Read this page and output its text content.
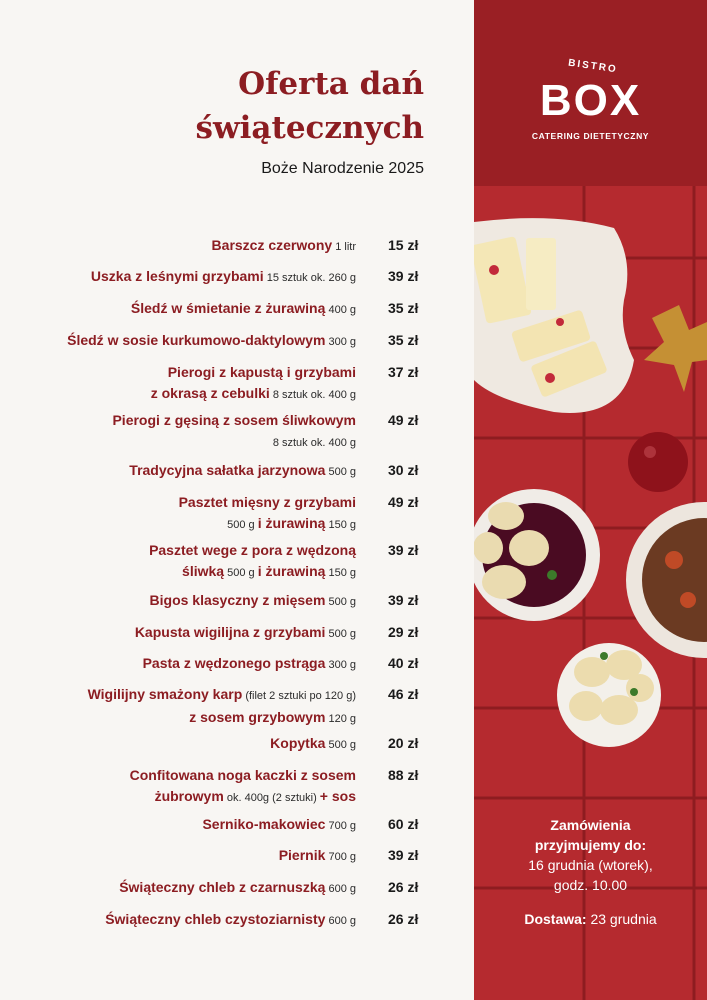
Oferta dań
świątecznych
Boże Narodzenie 2025
Barszcz czerwony 1 litr 15 zł
Uszka z leśnymi grzybami 15 sztuk ok. 260 g 39 zł
Śledź w śmietanie z żurawiną 400 g 35 zł
Śledź w sosie kurkumowo-daktylowym 300 g 35 zł
Pierogi z kapustą i grzybami
z okrasą z cebulki 8 sztuk ok. 400 g
37 zł
Pierogi z gęsiną z sosem śliwkowym
8 sztuk ok. 400 g
49 zł
Tradycyjna sałatka jarzynowa 500 g 30 zł
Pasztet mięsny z grzybami
500 g i żurawiną 150 g
49 zł
Pasztet wege z pora z wędzoną
śliwką 500 g i żurawiną 150 g
39 zł
Bigos klasyczny z mięsem 500 g 39 zł
Kapusta wigilijna z grzybami 500 g 29 zł
Pasta z wędzonego pstrąga 300 g 40 zł
Wigilijny smażony karp (filet 2 sztuki po 120 g)
z sosem grzybowym 120 g
46 zł
Kopytka 500 g 20 zł
Confitowana noga kaczki z sosem
żubrowym ok. 400g (2 sztuki) + sos
88 zł
Serniko-makowiec 700 g 60 zł
Piernik 700 g 39 zł
Świąteczny chleb z czarnuszką 600 g 26 zł
Świąteczny chleb czystoziarnisty 600 g 26 zł
BISTRO
BOX
CATERING DIETETYCZNY
Zamówienia
przyjmujemy do:
16 grudnia (wtorek),
godz. 10.00
Dostawa: 23 grudnia
